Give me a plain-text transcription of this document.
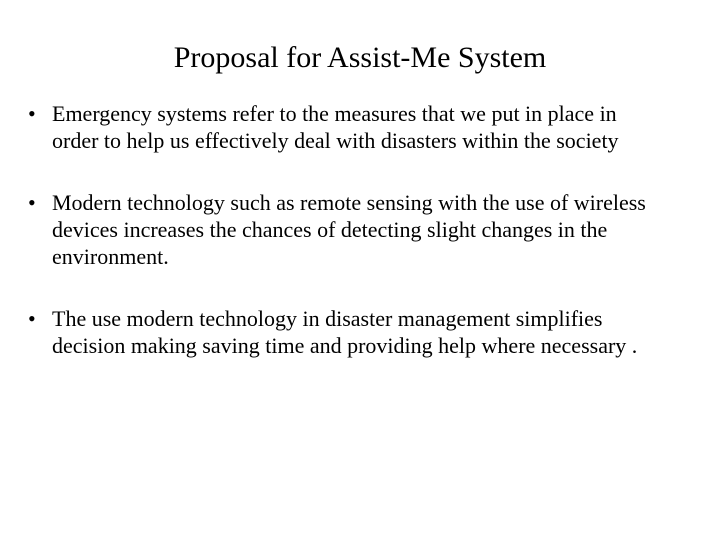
Proposal for Assist-Me System
• Emergency systems refer to the measures that we put in place in order to help us effectively deal with disasters within the society
• Modern technology such as remote sensing with the use of wireless devices increases the chances of detecting slight changes in the environment.
• The use modern technology in disaster management simplifies decision making saving time and providing help where necessary .
